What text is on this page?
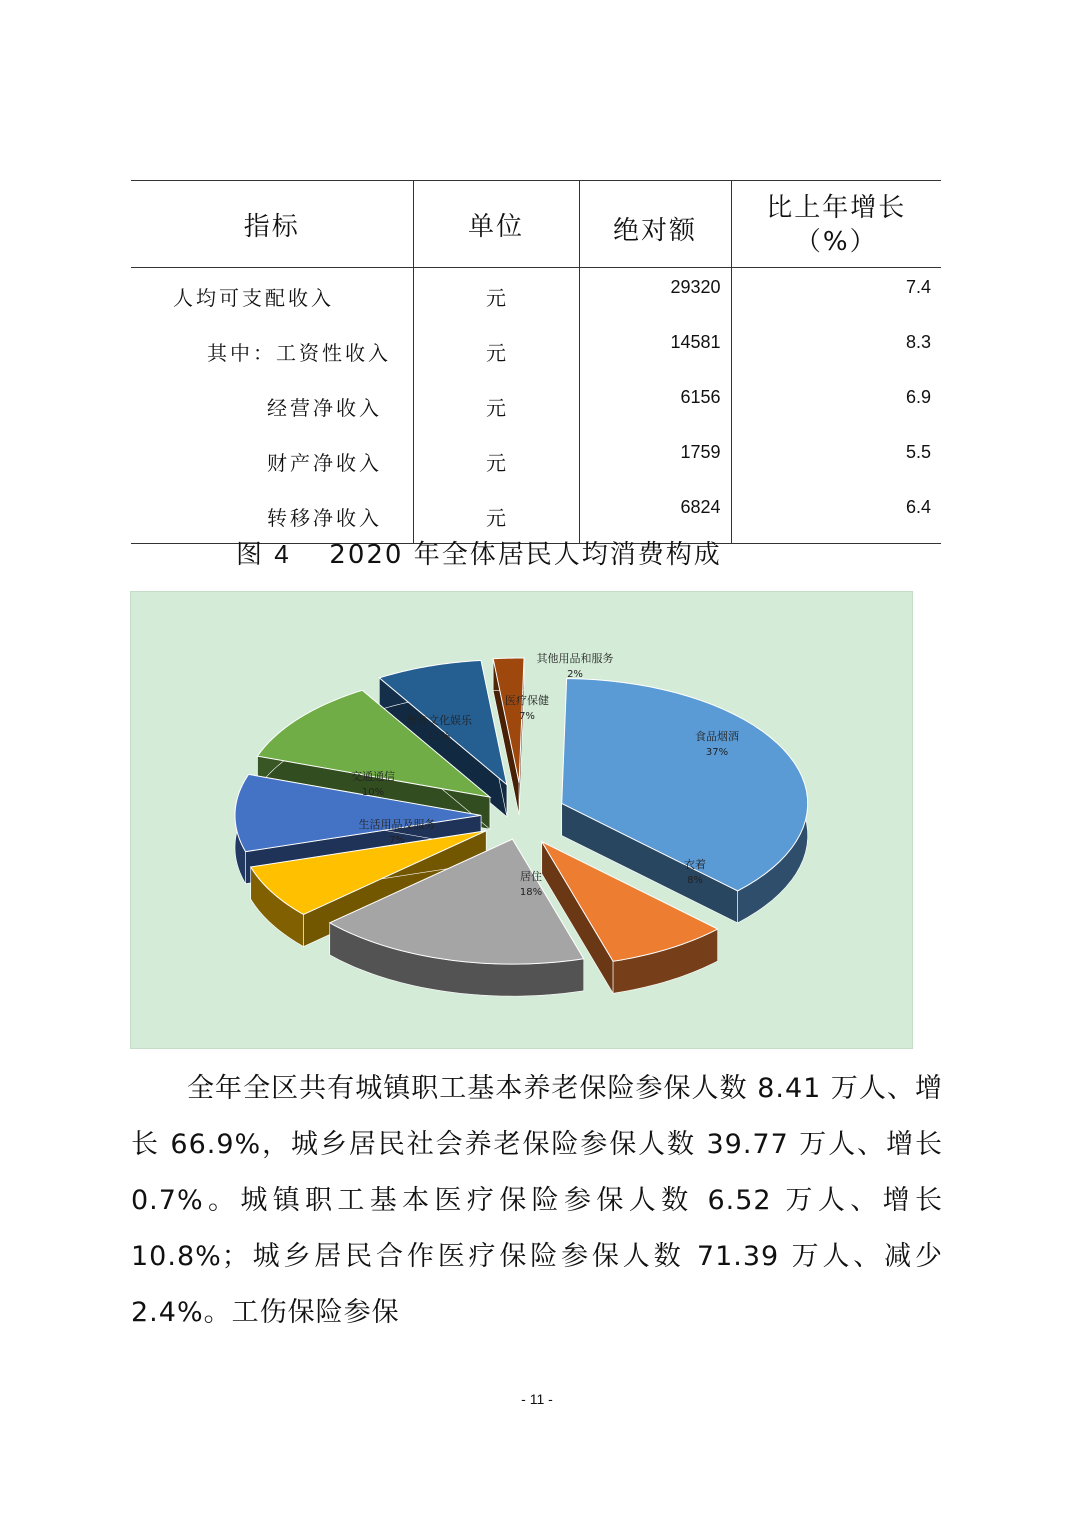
指标	单位	绝对额	比上年增长
（%）

人均可支配收入	元	29320	7.4
其中：工资性收入	元	14581	8.3
经营净收入	元	6156	6.9
财产净收入	元	1759	5.5
转移净收入	元	6824	6.4
图 4 2020 年全体居民人均消费构成
食品烟酒
37%
衣着
8%
居住
18%
生活用品及服务
7%
交通通信
10%
教育文化娱乐
11%
医疗保健
7%
其他用品和服务
2%
全年全区共有城镇职工基本养老保险参保人数 8.41 万人、增长 66.9%，城乡居民社会养老保险参保人数 39.77 万人、增长 0.7%。城镇职工基本医疗保险参保人数 6.52 万人、增长 10.8%；城乡居民合作医疗保险参保人数 71.39 万人、减少 2.4%。工伤保险参保
- 11 -
